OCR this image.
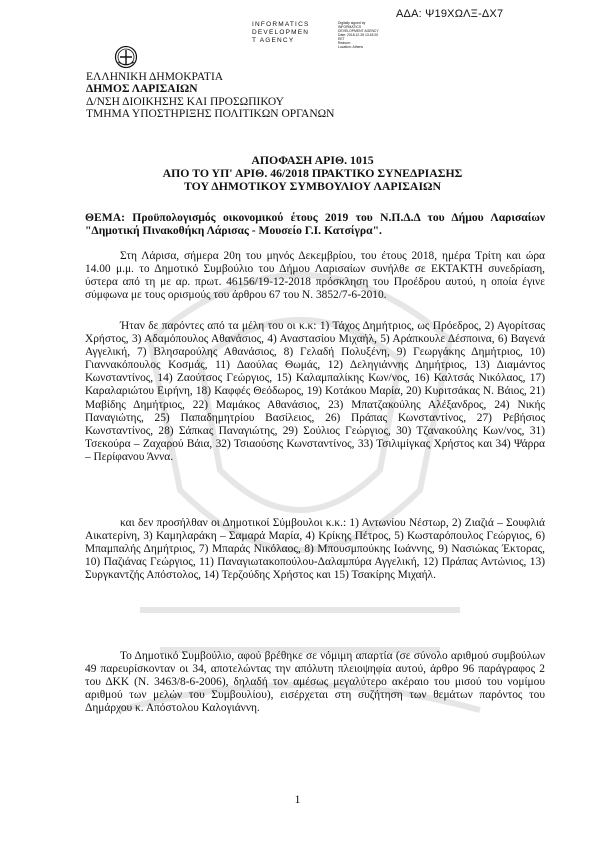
ΑΔΑ: Ψ19ΧΩΛΞ-ΔΧ7
INFORMATICS
DEVELOPMEN
T AGENCY
Digitally signed by
INFORMATICS
DEVELOPMENT AGENCY
Date: 2018.12.28 13:18:20
EET
Reason:
Location: Athens
ΕΛΛΗΝΙΚΗ ΔΗΜΟΚΡΑΤΙΑ
ΔΗΜΟΣ ΛΑΡΙΣΑΙΩΝ
Δ/ΝΣΗ ΔΙΟΙΚΗΣΗΣ ΚΑΙ ΠΡΟΣΩΠΙΚΟΥ
ΤΜΗΜΑ ΥΠΟΣΤΗΡΙΞΗΣ ΠΟΛΙΤΙΚΩΝ ΟΡΓΑΝΩΝ
ΑΠΟΦΑΣΗ ΑΡΙΘ. 1015
ΑΠΟ ΤΟ ΥΠ' ΑΡΙΘ. 46/2018 ΠΡΑΚΤΙΚΟ ΣΥΝΕΔΡΙΑΣΗΣ
ΤΟΥ ΔΗΜΟΤΙΚΟΥ ΣΥΜΒΟΥΛΙΟΥ ΛΑΡΙΣΑΙΩΝ
ΘΕΜΑ: Προϋπολογισμός οικονομικού έτους 2019 του Ν.Π.Δ.Δ του Δήμου Λαρισαίων "Δημοτική Πινακοθήκη Λάρισας - Μουσείο Γ.Ι. Κατσίγρα".
Στη Λάρισα, σήμερα 20η του μηνός Δεκεμβρίου, του έτους 2018, ημέρα Τρίτη και ώρα 14.00 μ.μ. το Δημοτικό Συμβούλιο του Δήμου Λαρισαίων συνήλθε σε ΕΚΤΑΚΤΗ συνεδρίαση, ύστερα από τη με αρ. πρωτ. 46156/19-12-2018 πρόσκληση του Προέδρου αυτού, η οποία έγινε σύμφωνα με τους ορισμούς του άρθρου 67 του Ν. 3852/7-6-2010.
Ήταν δε παρόντες από τα μέλη του οι κ.κ: 1) Τάχος Δημήτριος, ως Πρόεδρος, 2) Αγορίτσας Χρήστος, 3) Αδαμόπουλος Αθανάσιος, 4) Αναστασίου Μιχαήλ, 5) Αράπκουλε Δέσποινα, 6) Βαγενά Αγγελική, 7) Βλησαρούλης Αθανάσιος, 8) Γελαδή Πολυξένη, 9) Γεωργάκης Δημήτριος, 10) Γιαννακόπουλος Κοσμάς, 11) Δαούλας Θωμάς, 12) Δεληγιάννης Δημήτριος, 13) Διαμάντος Κωνσταντίνος, 14) Ζαούτσος Γεώργιος, 15) Καλαμπαλίκης Κων/νος, 16) Καλτσάς Νικόλαος, 17) Καραλαριώτου Ειρήνη, 18) Καφφές Θεόδωρος, 19) Κοτάκου Μαρία, 20) Κυριτσάκας Ν. Βάιος, 21) Μαβίδης Δημήτριος, 22) Μαμάκος Αθανάσιος, 23) Μπατζακούλης Αλέξανδρος, 24) Νικής Παναγιώτης, 25) Παπαδημητρίου Βασίλειος, 26) Πράπας Κωνσταντίνος, 27) Ρεβήσιος Κωνσταντίνος, 28) Σάπκας Παναγιώτης, 29) Σούλιος Γεώργιος, 30) Τζανακούλης Κων/νος, 31) Τσεκούρα – Ζαχαρού Βάια, 32) Τσιαούσης Κωνσταντίνος, 33) Τσιλιμίγκας Χρήστος και 34) Ψάρρα – Περίφανου Άννα.
και δεν προσήλθαν οι Δημοτικοί Σύμβουλοι κ.κ.: 1) Αντωνίου Νέστωρ, 2) Ζιαζιά – Σουφλιά Αικατερίνη, 3) Καμηλαράκη – Σαμαρά Μαρία, 4) Κρίκης Πέτρος, 5) Κωσταρόπουλος Γεώργιος, 6) Μπαμπαλής Δημήτριος, 7) Μπαράς Νικόλαος, 8) Μπουσμπούκης Ιωάννης, 9) Νασιώκας Έκτορας, 10) Παζιάνας Γεώργιος, 11) Παναγιωτακοπούλου-Δαλαμπύρα Αγγελική, 12) Πράπας Αντώνιος, 13) Συργκαντζής Απόστολος, 14) Τερζούδης Χρήστος και 15) Τσακίρης Μιχαήλ.
Το Δημοτικό Συμβούλιο, αφού βρέθηκε σε νόμιμη απαρτία (σε σύνολο αριθμού συμβούλων 49 παρευρίσκονταν οι 34, αποτελώντας την απόλυτη πλειοψηφία αυτού, άρθρο 96 παράγραφος 2 του ΔΚΚ (Ν. 3463/8-6-2006), δηλαδή τον αμέσως μεγαλύτερο ακέραιο του μισού του νομίμου αριθμού των μελών του Συμβουλίου), εισέρχεται στη συζήτηση των θεμάτων παρόντος του Δημάρχου κ. Απόστολου Καλογιάννη.
1
